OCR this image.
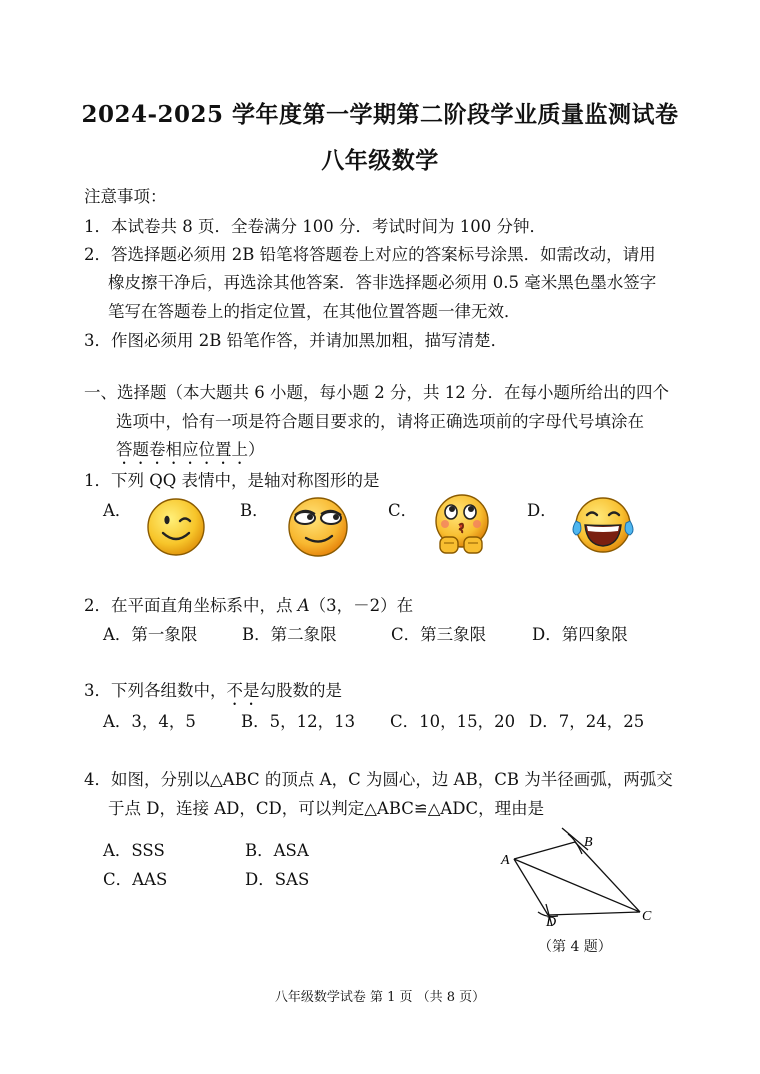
2024-2025 学年度第一学期第二阶段学业质量监测试卷
八年级数学
注意事项：
1．本试卷共 8 页．全卷满分 100 分．考试时间为 100 分钟．
2．答选择题必须用 2B 铅笔将答题卷上对应的答案标号涂黑．如需改动，请用
橡皮擦干净后，再选涂其他答案．答非选择题必须用 0.5 毫米黑色墨水签字
笔写在答题卷上的指定位置，在其他位置答题一律无效．
3．作图必须用 2B 铅笔作答，并请加黑加粗，描写清楚．
一、选择题（本大题共 6 小题，每小题 2 分，共 12 分．在每小题所给出的四个
选项中，恰有一项是符合题目要求的，请将正确选项前的字母代号填涂在
答题卷相应位置上）
1．下列 QQ 表情中，是轴对称图形的是
A．	B．	C．	D．
2．在平面直角坐标系中，点 A（3，－2）在
A．第一象限	B．第二象限	C．第三象限	D．第四象限
3．下列各组数中，不是勾股数的是
A．3，4，5	B．5，12，13 C．10，15，20 D．7，24，25
4．如图，分别以△ABC 的顶点 A，C 为圆心，边 AB，CB 为半径画弧，两弧交
于点 D，连接 AD，CD，可以判定△ABC≌△ADC，理由是
A．SSS	B．ASA
C．AAS	D．SAS
A
B
C
D
（第 4 题）
八年级数学试卷 第 1 页 （共 8 页）
